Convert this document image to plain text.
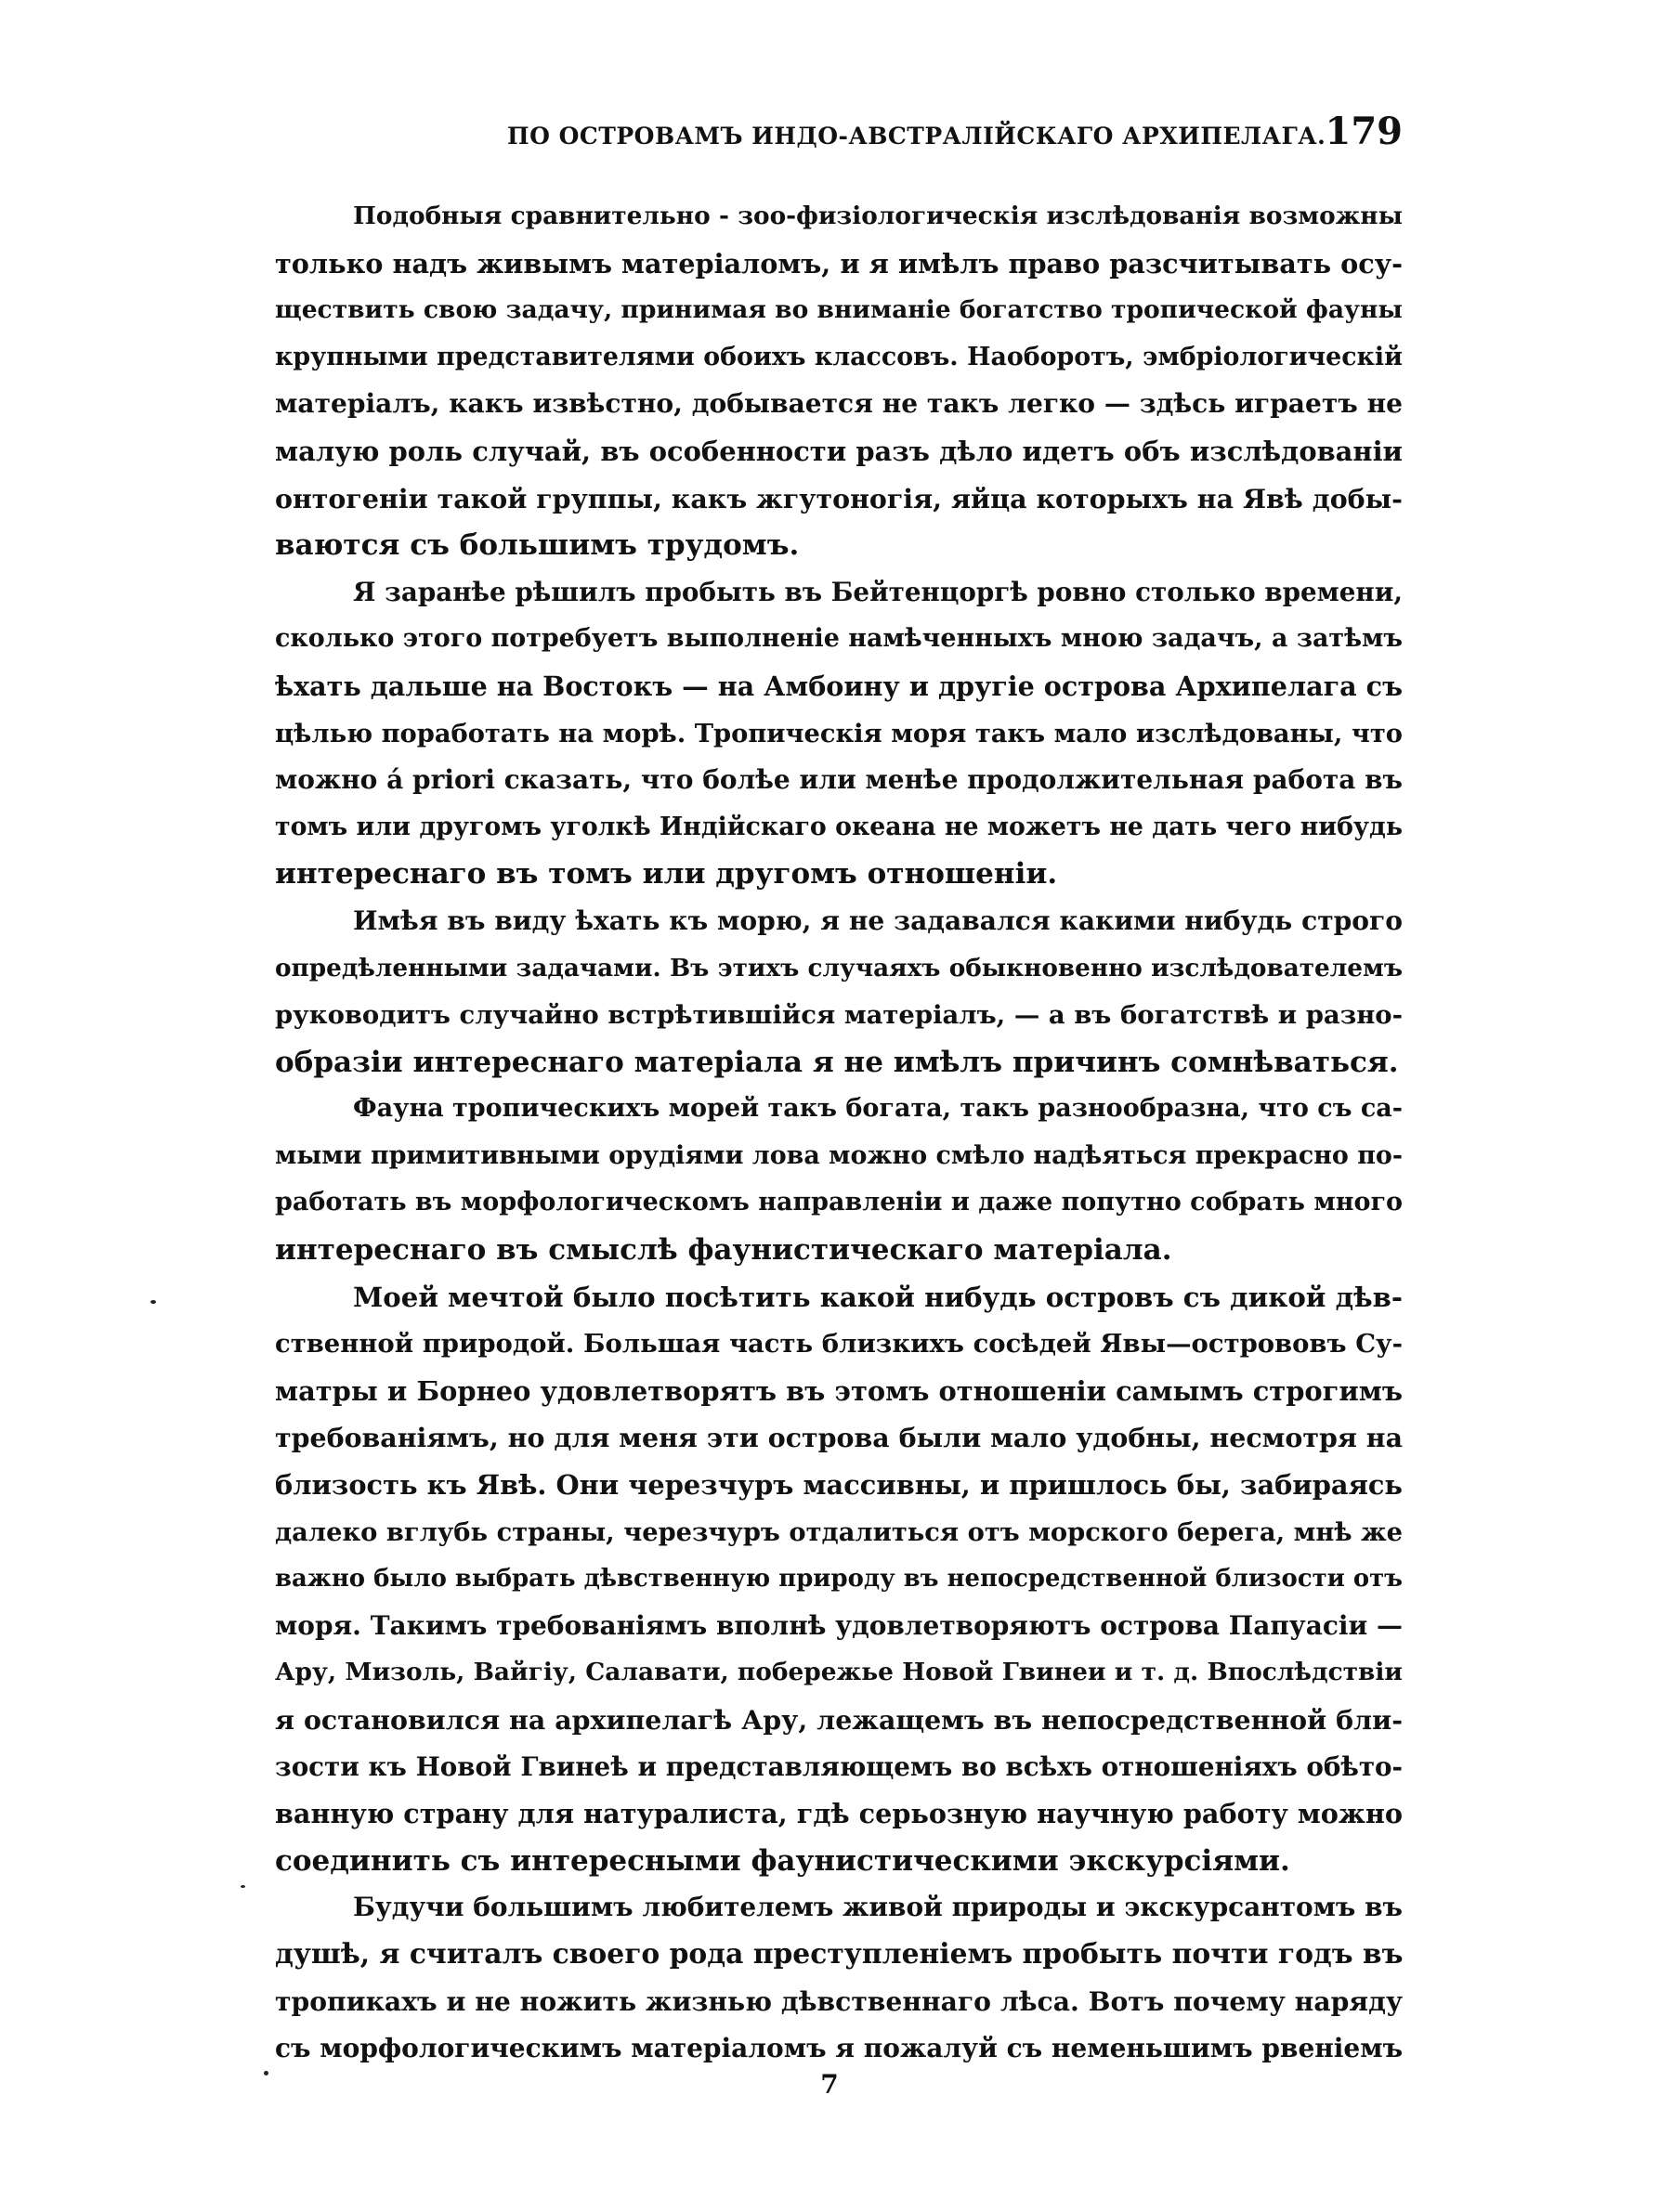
ПО ОСТРОВАМЪ ИНДО-АВСТРАЛІЙСКАГО АРХИПЕЛАГА. 179
Подобныя сравнительно - зоо-физіологическія изслѣдованія возможны
только надъ живымъ матеріаломъ, и я имѣлъ право разсчитывать осу-
ществить свою задачу, принимая во вниманіе богатство тропической фауны
крупными представителями обоихъ классовъ. Наоборотъ, эмбріологическій
матеріалъ, какъ извѣстно, добывается не такъ легко — здѣсь играетъ не
малую роль случай, въ особенности разъ дѣло идетъ объ изслѣдованіи
онтогеніи такой группы, какъ жгутоногія, яйца которыхъ на Явѣ добы-
ваются съ большимъ трудомъ.
Я заранѣе рѣшилъ пробыть въ Бейтенцоргѣ ровно столько времени,
сколько этого потребуетъ выполненіе намѣченныхъ мною задачъ, а затѣмъ
ѣхать дальше на Востокъ — на Амбоину и другіе острова Архипелага съ
цѣлью поработать на морѣ. Тропическія моря такъ мало изслѣдованы, что
можно á priori сказать, что болѣе или менѣе продолжительная работа въ
томъ или другомъ уголкѣ Индійскаго океана не можетъ не дать чего нибудь
интереснаго въ томъ или другомъ отношеніи.
Имѣя въ виду ѣхать къ морю, я не задавался какими нибудь строго
опредѣленными задачами. Въ этихъ случаяхъ обыкновенно изслѣдователемъ
руководитъ случайно встрѣтившійся матеріалъ, — а въ богатствѣ и разно-
образіи интереснаго матеріала я не имѣлъ причинъ сомнѣваться.
Фауна тропическихъ морей такъ богата, такъ разнообразна, что съ са-
мыми примитивными орудіями лова можно смѣло надѣяться прекрасно по-
работать въ морфологическомъ направленіи и даже попутно собрать много
интереснаго въ смыслѣ фаунистическаго матеріала.
Моей мечтой было посѣтить какой нибудь островъ съ дикой дѣв-
ственной природой. Большая часть близкихъ сосѣдей Явы—острововъ Су-
матры и Борнео удовлетворятъ въ этомъ отношеніи самымъ строгимъ
требованіямъ, но для меня эти острова были мало удобны, несмотря на
близость къ Явѣ. Они черезчуръ массивны, и пришлось бы, забираясь
далеко вглубь страны, черезчуръ отдалиться отъ морского берега, мнѣ же
важно было выбрать дѣвственную природу въ непосредственной близости отъ
моря. Такимъ требованіямъ вполнѣ удовлетворяютъ острова Папуасіи —
Ару, Мизоль, Вайгіу, Салавати, побережье Новой Гвинеи и т. д. Впослѣдствіи
я остановился на архипелагѣ Ару, лежащемъ въ непосредственной бли-
зости къ Новой Гвинеѣ и представляющемъ во всѣхъ отношеніяхъ обѣто-
ванную страну для натуралиста, гдѣ серьозную научную работу можно
соединить съ интересными фаунистическими экскурсіями.
Будучи большимъ любителемъ живой природы и экскурсантомъ въ
душѣ, я считалъ своего рода преступленіемъ пробыть почти годъ въ
тропикахъ и не ножить жизнью дѣвственнаго лѣса. Вотъ почему наряду
съ морфологическимъ матеріаломъ я пожалуй съ неменьшимъ рвеніемъ
7
